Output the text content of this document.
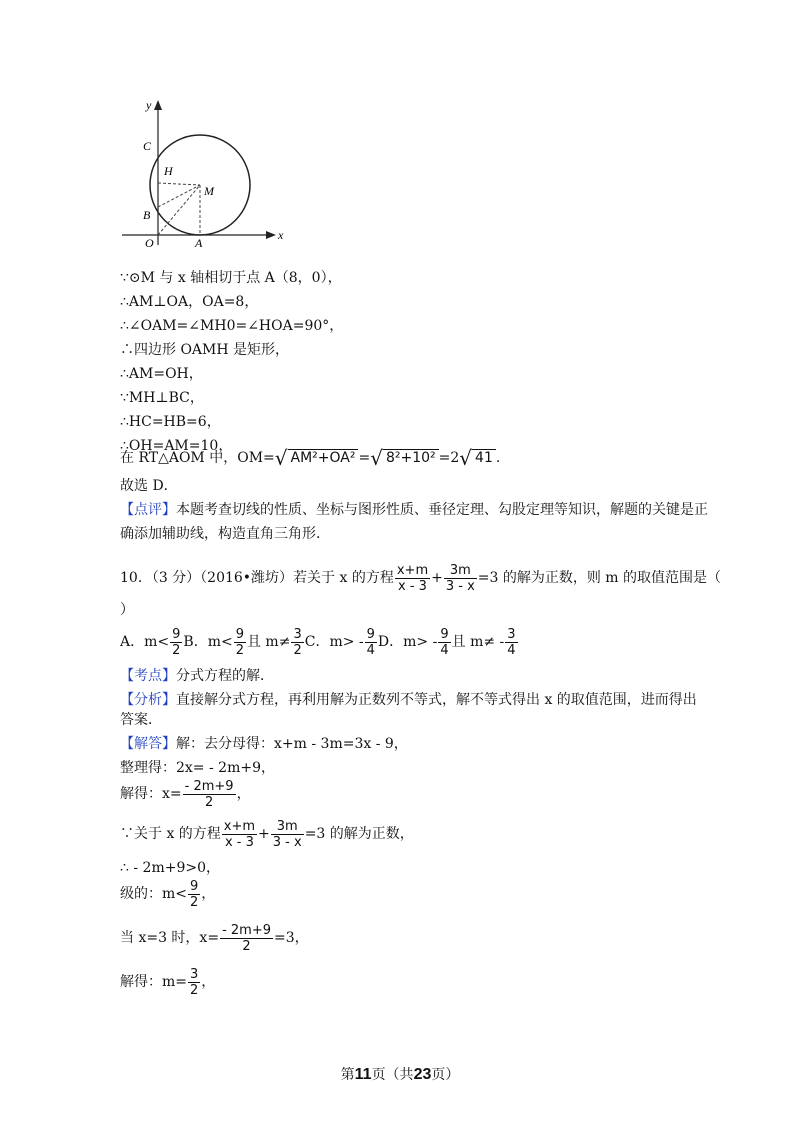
y
x
C
H
M
B
O	A
∵⊙M 与 x 轴相切于点 A（8，0），
∴AM⊥OA，OA=8，
∴∠OAM=∠MH0=∠HOA=90°，
∴四边形 OAMH 是矩形，
∴AM=OH，
∵MH⊥BC，
∴HC=HB=6，
∴OH=AM=10，
在 RT△AOM 中，OM=√ AM²+OA² =√ 8²+10² =2√ 41 .
故选 D．
【点评】本题考查切线的性质、坐标与图形性质、垂径定理、勾股定理等知识，解题的关键是正
确添加辅助线，构造直角三角形．
10．（3 分）（2016•潍坊）若关于 x 的方程 $\frac{x+m}{x - 3} + \frac{3m}{3 - x} =3$ 的解为正数，则 m 的取值范围是（
）
A．$m< \frac{9}{2}$ B．$m< \frac{9}{2}$ 且 $m\ne \frac{3}{2}$ C．$m> - \frac{9}{4}$ D．$m> - \frac{9}{4}$ 且 $m\ne - \frac{3}{4}$
【考点】分式方程的解．
【分析】直接解分式方程，再利用解为正数列不等式，解不等式得出 x 的取值范围，进而得出
答案．
【解答】解：去分母得：x+m - 3m=3x - 9，
整理得：2x= - 2m+9，
解得：$x= \frac{- 2m+9}{2}$ ，
∵关于 x 的方程 $\frac{x+m}{x - 3} + \frac{3m}{3 - x} =3$ 的解为正数，
∴ - 2m+9>0，
级的：$m< \frac{9}{2}$ ，
当 x=3 时，$x= \frac{- 2m+9}{2} =3$，
解得：$m= \frac{3}{2}$ ，
第11页（共23页）
